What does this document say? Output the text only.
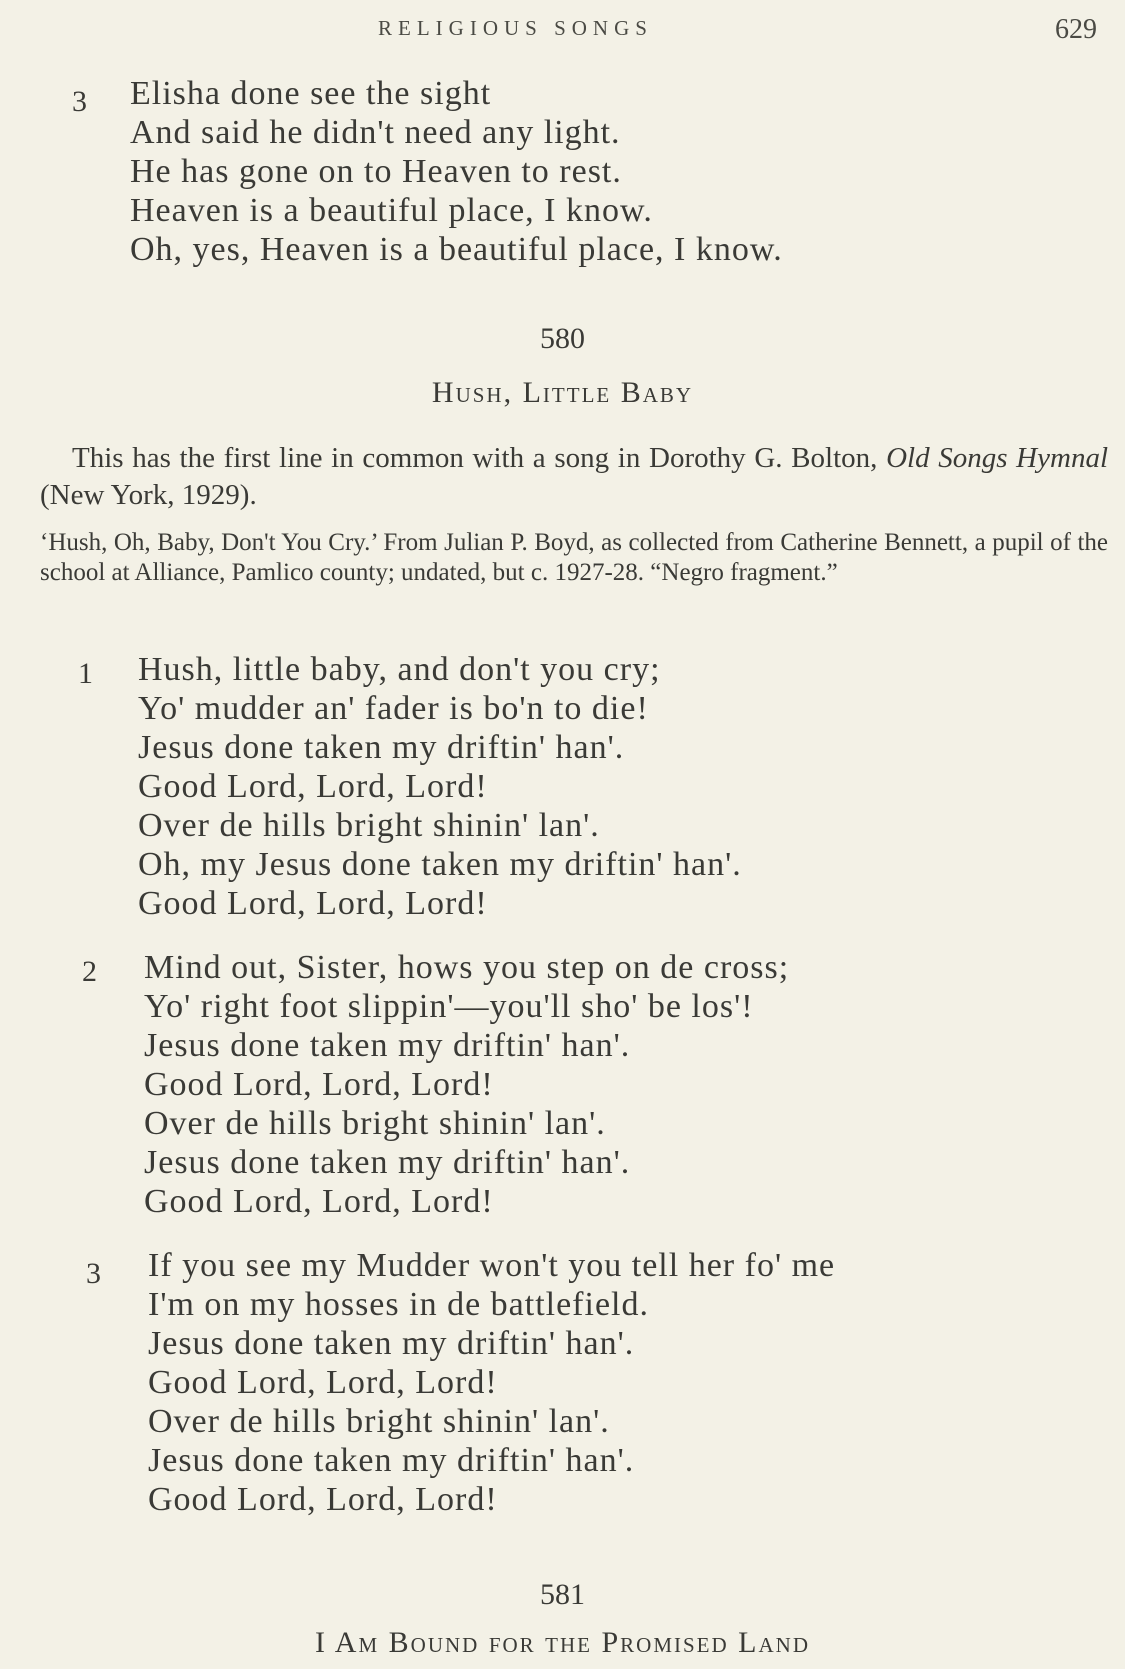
RELIGIOUS SONGS	629
3 Elisha done see the sight
And said he didn't need any light.
He has gone on to Heaven to rest.
Heaven is a beautiful place, I know.
Oh, yes, Heaven is a beautiful place, I know.
580
Hush, Little Baby
This has the first line in common with a song in Dorothy G. Bolton, Old Songs Hymnal (New York, 1929).
‘Hush, Oh, Baby, Don't You Cry.’ From Julian P. Boyd, as collected from Catherine Bennett, a pupil of the school at Alliance, Pamlico county; undated, but c. 1927-28. “Negro fragment.”
1 Hush, little baby, and don't you cry;
Yo' mudder an' fader is bo'n to die!
Jesus done taken my driftin' han'.
Good Lord, Lord, Lord!
Over de hills bright shinin' lan'.
Oh, my Jesus done taken my driftin' han'.
Good Lord, Lord, Lord!
2 Mind out, Sister, hows you step on de cross;
Yo' right foot slippin'—you'll sho' be los'!
Jesus done taken my driftin' han'.
Good Lord, Lord, Lord!
Over de hills bright shinin' lan'.
Jesus done taken my driftin' han'.
Good Lord, Lord, Lord!
3 If you see my Mudder won't you tell her fo' me
I'm on my hosses in de battlefield.
Jesus done taken my driftin' han'.
Good Lord, Lord, Lord!
Over de hills bright shinin' lan'.
Jesus done taken my driftin' han'.
Good Lord, Lord, Lord!
581
I Am Bound for the Promised Land
